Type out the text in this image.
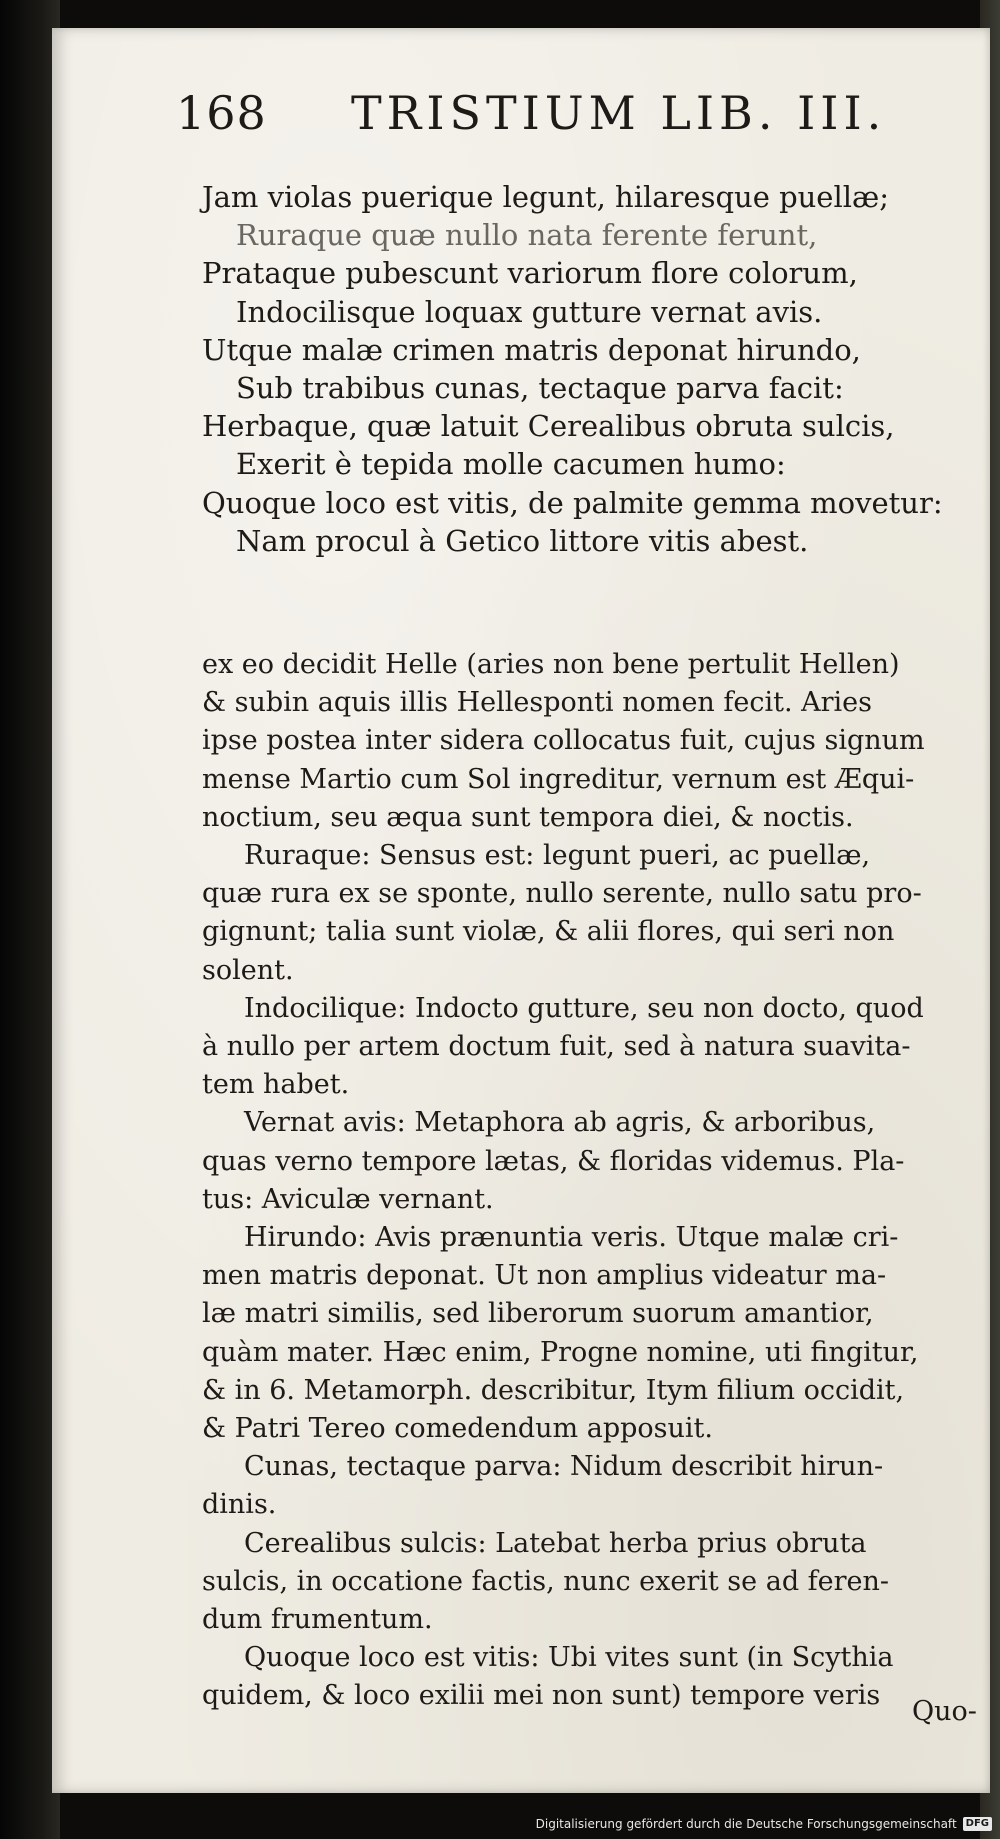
168 TRISTIUM LIB. III.
Jam violas puerique legunt, hilaresque puellæ;
Ruraque quæ nullo nata ferente ferunt,
Prataque pubescunt variorum flore colorum,
Indocilisque loquax gutture vernat avis.
Utque malæ crimen matris deponat hirundo,
Sub trabibus cunas, tectaque parva facit:
Herbaque, quæ latuit Cerealibus obruta sulcis,
Exerit è tepida molle cacumen humo:
Quoque loco est vitis, de palmite gemma movetur:
Nam procul à Getico littore vitis abest.
ex eo decidit Helle (aries non bene pertulit Hellen)
& subin aquis illis Hellesponti nomen fecit. Aries
ipse postea inter sidera collocatus fuit, cujus signum
mense Martio cum Sol ingreditur, vernum est Æqui-
noctium, seu æqua sunt tempora diei, & noctis.
Ruraque: Sensus est: legunt pueri, ac puellæ,
quæ rura ex se sponte, nullo serente, nullo satu pro-
gignunt; talia sunt violæ, & alii flores, qui seri non
solent.
Indocilique: Indocto gutture, seu non docto, quod
à nullo per artem doctum fuit, sed à natura suavita-
tem habet.
Vernat avis: Metaphora ab agris, & arboribus,
quas verno tempore lætas, & floridas videmus. Pla-
tus: Aviculæ vernant.
Hirundo: Avis prænuntia veris. Utque malæ cri-
men matris deponat. Ut non amplius videatur ma-
læ matri similis, sed liberorum suorum amantior,
quàm mater. Hæc enim, Progne nomine, uti fingitur,
& in 6. Metamorph. describitur, Itym filium occidit,
& Patri Tereo comedendum apposuit.
Cunas, tectaque parva: Nidum describit hirun-
dinis.
Cerealibus sulcis: Latebat herba prius obruta
sulcis, in occatione factis, nunc exerit se ad feren-
dum frumentum.
Quoque loco est vitis: Ubi vites sunt (in Scythia
quidem, & loco exilii mei non sunt) tempore veris
Quo-
Digitalisierung gefördert durch die Deutsche Forschungsgemeinschaft DFG
